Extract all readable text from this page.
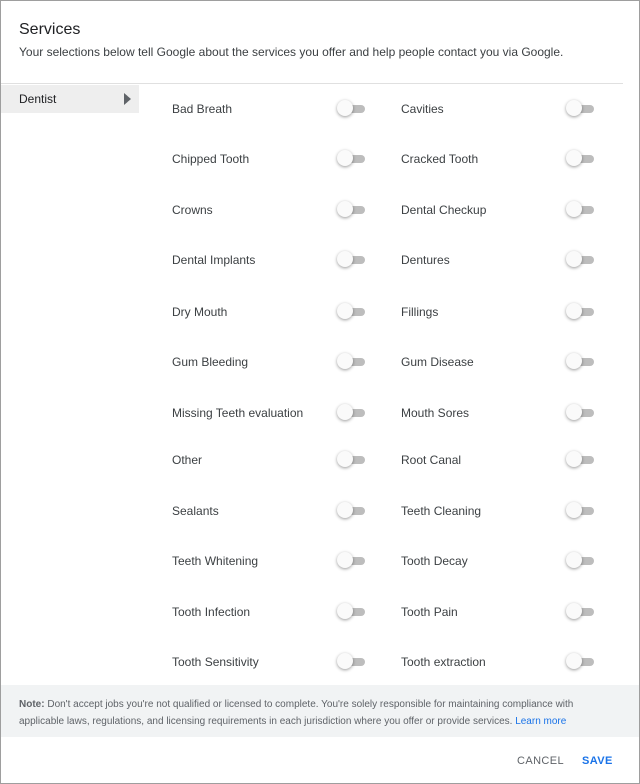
Services
Your selections below tell Google about the services you offer and help people contact you via Google.
Dentist
Bad Breath	Cavities
Chipped Tooth	Cracked Tooth
Crowns	Dental Checkup
Dental Implants	Dentures
Dry Mouth	Fillings
Gum Bleeding	Gum Disease
Missing Teeth evaluation	Mouth Sores
Other	Root Canal
Sealants	Teeth Cleaning
Teeth Whitening	Tooth Decay
Tooth Infection	Tooth Pain
Tooth Sensitivity	Tooth extraction

Note: Don't accept jobs you're not qualified or licensed to complete. You're solely responsible for maintaining compliance with applicable laws, regulations, and licensing requirements in each jurisdiction where you offer or provide services. Learn more

CANCEL SAVE
